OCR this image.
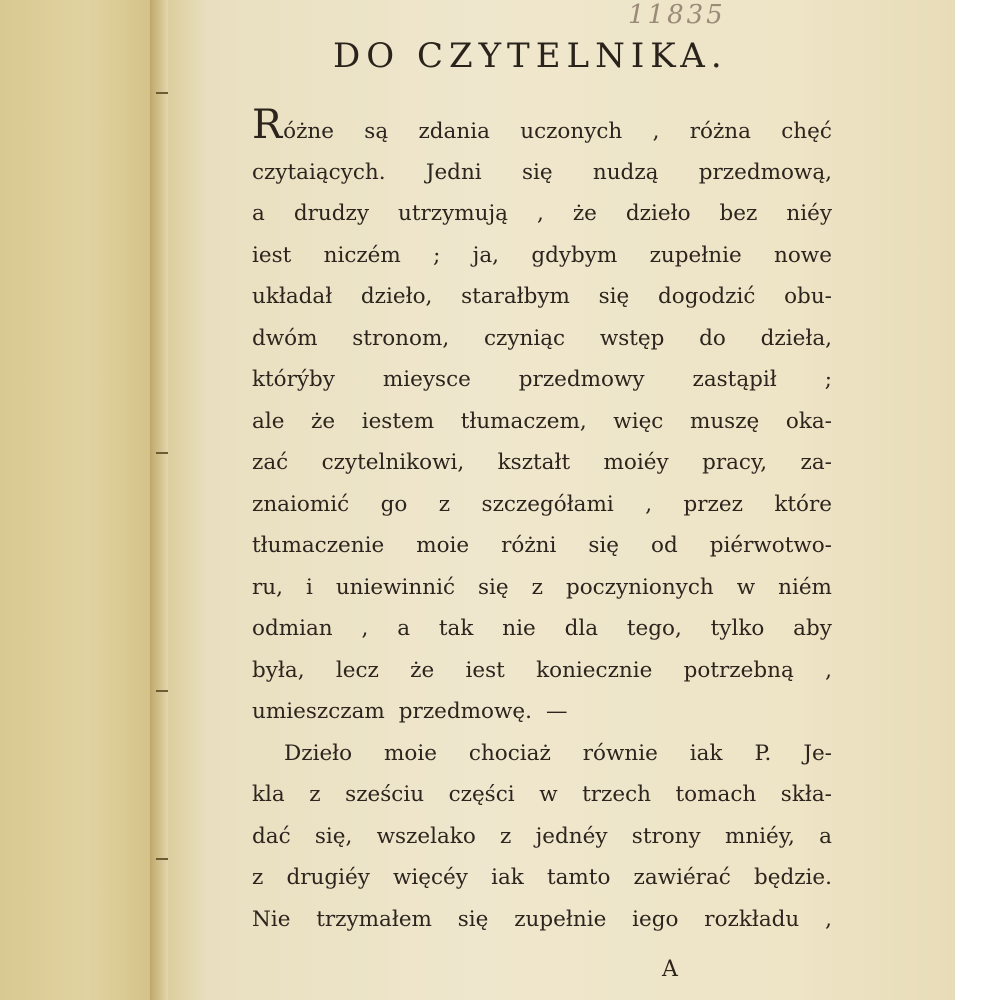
11835
DO CZYTELNIKA.
Różne są zdania uczonych , różna chęć
czytaiących. Jedni się nudzą przedmową,
a drudzy utrzymują , że dzieło bez niéy
iest niczém ; ja, gdybym zupełnie nowe
układał dzieło, starałbym się dogodzić obu-
dwóm stronom, czyniąc wstęp do dzieła,
którýby mieysce przedmowy zastąpił ;
ale że iestem tłumaczem, więc muszę oka-
zać czytelnikowi, kształt moiéy pracy, za-
znaiomić go z szczegółami , przez które
tłumaczenie moie różni się od piérwotwo-
ru, i uniewinnić się z poczynionych w niém
odmian , a tak nie dla tego, tylko aby
była, lecz że iest koniecznie potrzebną ,
umieszczam przedmowę. —
Dzieło moie chociaż równie iak P. Je-
kla z sześciu części w trzech tomach skła-
dać się, wszelako z jednéy strony mniéy, a
z drugiéy więcéy iak tamto zawiérać będzie.
Nie trzymałem się zupełnie iego rozkładu ,
A
